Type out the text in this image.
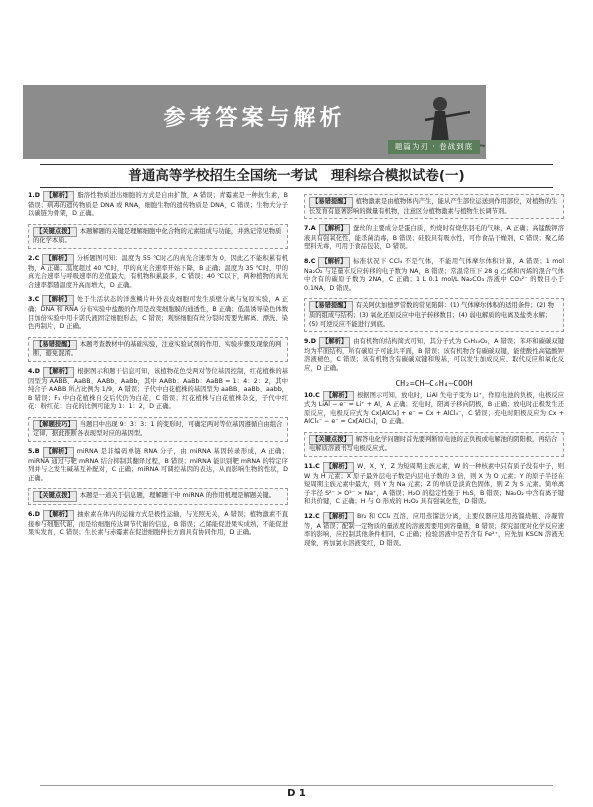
参考答案与解析
题篇为刃 · 卷战到底
普通高等学校招生全国统一考试　理科综合模拟试卷(一)
1.D 【解析】 脂溶性物质进出细胞的方式是自由扩散，A 错误；青霉素是一种抗生素，B 错误；病毒的遗传物质是 DNA 或 RNA，细胞生物的遗传物质是 DNA，C 错误；生物大分子以碳链为骨架，D 正确。
【关键点拨】 本题解题的关键是理解细胞中化合物的元素组成与功能，并熟记常见物质的化学本质。
2.C 【解析】 分析题图可知：温度为 55 ℃时乙的真光合速率为 0，因此乙不能积累有机物，A 正确；温度超过 40 ℃时，甲的真光合速率开始下降，B 正确；温度为 35 ℃时，甲的真光合速率与呼吸速率的差值最大，有机物积累最多，C 错误；40 ℃以下，两种植物的真光合速率都随温度升高而增大，D 正确。
3.C 【解析】 处于生活状态的洋葱鳞片叶外表皮细胞可发生质壁分离与复原实验，A 正确；DNA 和 RNA 分布实验中盐酸的作用是改变细胞膜的通透性，B 正确；低温诱导染色体数目加倍实验中用卡诺氏液固定细胞形态，C 错误；观察细胞有丝分裂时需要先解离、漂洗、染色再制片，D 正确。
【易错提醒】 本题考查教材中的基础实验，注意实验试剂的作用、实验步骤及现象的判断，避免混淆。
4.D 【解析】 根据图示和题干信息可知，该植物花色受两对等位基因控制，红花植株的基因型为 AABB、AaBB、AABb、AaBb，其中 AABb：AaBb：AaBB = 1：4：2：2，其中纯合子 AABB 所占比例为 1/9，A 错误；子代中白花植株的基因型为 aaBB、aaBb、aabb，B 错误；F₁ 中白花植株自交后代仍为白花，C 错误；红花植株与白花植株杂交，子代中红花：粉红花：白花的比例可能为 1：1：2，D 正确。
【解题技巧】 当题目中出现 9：3：3：1 的变形时，可确定两对等位基因遵循自由组合定律，据此推断各表现型对应的基因型。
5.B 【解析】 miRNA 是非编码单链 RNA 分子，由 miRNA 基因转录形成，A 正确；miRNA 通过与靶 mRNA 结合抑制其翻译过程，B 错误；miRNA 能识别靶 mRNA 的特定序列并与之发生碱基互补配对，C 正确；miRNA 可调控基因的表达，从而影响生物的性状，D 正确。
【关键点拨】 本题是一道关于信息题，理解题干中 miRNA 的作用机理是解题关键。
6.D 【解析】 抽索素在体内的运输方式是极性运输，与光照无关，A 错误；植物激素不直接参与细胞代谢，而是给细胞传达调节代谢的信息，B 错误；乙烯能促进果实成熟，不能促进果实发育，C 错误；生长素与赤霉素在促进细胞伸长方面具有协同作用，D 正确。
【易错提醒】 植物激素是由植物体内产生，能从产生部位运送到作用部位，对植物的生长发育有显著影响的微量有机物，注意区分植物激素与植物生长调节剂。
7.A 【解析】 蚕丝的主要成分是蛋白质，灼烧时有烧焦羽毛的气味，A 正确；高锰酸钾溶液具有强氧化性，能杀菌消毒，B 错误；硅胶具有吸水性，可作食品干燥剂，C 错误；聚乙烯塑料无毒，可用于食品包装，D 错误。
8.C 【解析】 标准状况下 CCl₄ 不是气体，不能用气体摩尔体积计算，A 错误；1 mol Na₂O₂ 与足量水反应转移的电子数为 NA，B 错误；常温常压下 28 g 乙烯和丙烯的混合气体中含有的碳原子数为 2NA，C 正确；1 L 0.1 mol/L Na₂CO₃ 溶液中 CO₃²⁻ 的数目小于 0.1NA，D 错误。
【易错提醒】 有关阿伏加德罗常数的常见陷阱：(1) 气体摩尔体积的适用条件；(2) 物质的组成与结构；(3) 氧化还原反应中电子转移数目；(4) 弱电解质的电离及盐类水解；(5) 可逆反应不能进行到底。
9.D 【解析】 由有机物的结构简式可知，其分子式为 C₉H₁₀O₂，A 错误；苯环和碳碳双键均为平面结构，所有碳原子可能共平面，B 错误；该有机物含有碳碳双键，能使酸性高锰酸钾溶液褪色，C 错误；该有机物含有碳碳双键和羧基，可以发生加成反应、取代反应和氧化反应，D 正确。
CH₂=CH—C₆H₄—COOH
10.C 【解析】 根据图示可知，放电时，LiAl 失电子变为 Li⁺，作原电池的负极，电极反应式为 LiAl − e⁻ = Li⁺ + Al，A 正确；充电时，阳离子移向阴极，B 正确；放电时正极发生还原反应，电极反应式为 Cx[AlCl₄] + e⁻ = Cx + AlCl₄⁻，C 错误；充电时阳极反应为 Cx + AlCl₄⁻ − e⁻ = Cx[AlCl₄]，D 正确。
【关键点拨】 解答电化学问题时首先要判断原电池的正负极或电解池的阴阳极，再结合电解质溶液书写电极反应式。
11.C 【解析】 W、X、Y、Z 为短周期主族元素，W 的一种核素中只有质子没有中子，则 W 为 H 元素；X 原子最外层电子数是内层电子数的 3 倍，则 X 为 O 元素；Y 的原子半径在短周期主族元素中最大，则 Y 为 Na 元素；Z 的单质是淡黄色固体，则 Z 为 S 元素。简单离子半径 S²⁻ > O²⁻ > Na⁺，A 错误；H₂O 的稳定性强于 H₂S，B 错误；Na₂O₂ 中含有离子键和共价键，C 正确；H 与 O 形成的 H₂O₂ 具有强氧化性，D 错误。
12.C 【解析】 Br₂ 和 CCl₄ 互溶，应用蒸馏法分离，主要仪器应选用蒸馏烧瓶、冷凝管等，A 错误；配制一定物质的量浓度的溶液需要用到容量瓶，B 错误；探究温度对化学反应速率的影响，应控制其他条件相同，C 正确；检验溶液中是否含有 Fe²⁺，应先加 KSCN 溶液无现象，再加氯水溶液变红，D 错误。
D 1
